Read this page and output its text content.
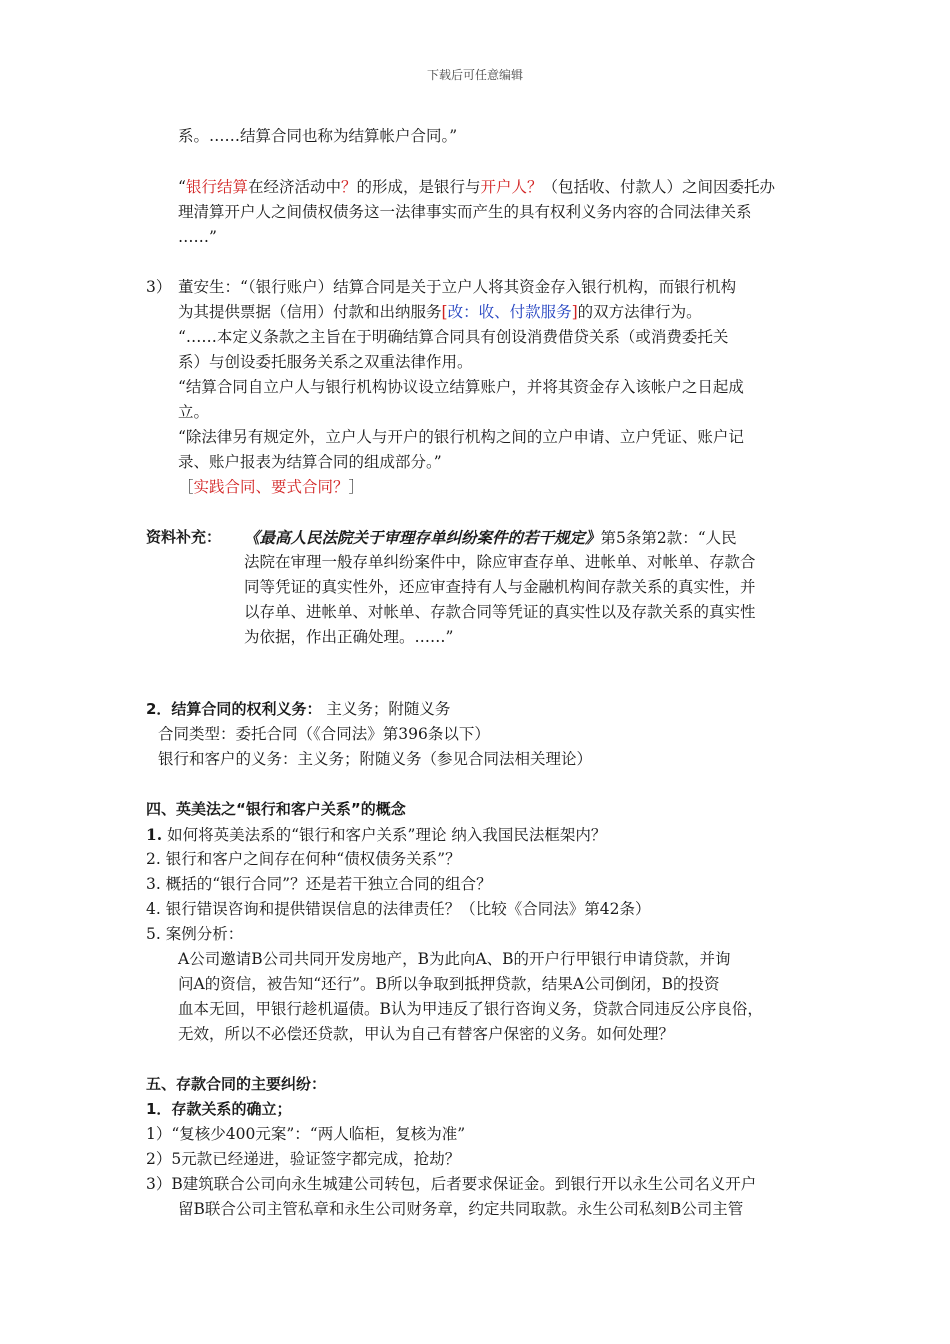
下载后可任意编辑
系。……结算合同也称为结算帐户合同。”
“银行结算在经济活动中？的形成，是银行与开户人？（包括收、付款人）之间因委托办
理清算开户人之间债权债务这一法律事实而产生的具有权利义务内容的合同法律关系
……”
3） 董安生：“（银行账户）结算合同是关于立户人将其资金存入银行机构，而银行机构
为其提供票据（信用）付款和出纳服务[改：收、付款服务]的双方法律行为。
“……本定义条款之主旨在于明确结算合同具有创设消费借贷关系（或消费委托关
系）与创设委托服务关系之双重法律作用。
“结算合同自立户人与银行机构协议设立结算账户，并将其资金存入该帐户之日起成
立。
“除法律另有规定外，立户人与开户的银行机构之间的立户申请、立户凭证、账户记
录、账户报表为结算合同的组成部分。”
［实践合同、要式合同？］
资料补充： 《最高人民法院关于审理存单纠纷案件的若干规定》第5条第2款：“人民
法院在审理一般存单纠纷案件中，除应审查存单、进帐单、对帐单、存款合
同等凭证的真实性外，还应审查持有人与金融机构间存款关系的真实性，并
以存单、进帐单、对帐单、存款合同等凭证的真实性以及存款关系的真实性
为依据，作出正确处理。……”
2．结算合同的权利义务： 主义务；附随义务
合同类型：委托合同（《合同法》第396条以下）
银行和客户的义务：主义务；附随义务（参见合同法相关理论）
四、英美法之“银行和客户关系”的概念
1. 如何将英美法系的“银行和客户关系”理论 纳入我国民法框架内？
2. 银行和客户之间存在何种“债权债务关系”？
3. 概括的“银行合同”？还是若干独立合同的组合？
4. 银行错误咨询和提供错误信息的法律责任？（比较《合同法》第42条）
5. 案例分析：
A公司邀请B公司共同开发房地产，B为此向A、B的开户行甲银行申请贷款，并询
问A的资信，被告知“还行”。B所以争取到抵押贷款，结果A公司倒闭，B的投资
血本无回，甲银行趁机逼债。B认为甲违反了银行咨询义务，贷款合同违反公序良俗，
无效，所以不必偿还贷款，甲认为自己有替客户保密的义务。如何处理？
五、存款合同的主要纠纷：
1．存款关系的确立；
1）“复核少400元案”：“两人临柜，复核为准”
2）5元款已经递进，验证签字都完成，抢劫？
3）B建筑联合公司向永生城建公司转包，后者要求保证金。到银行开以永生公司名义开户
留B联合公司主管私章和永生公司财务章，约定共同取款。永生公司私刻B公司主管
